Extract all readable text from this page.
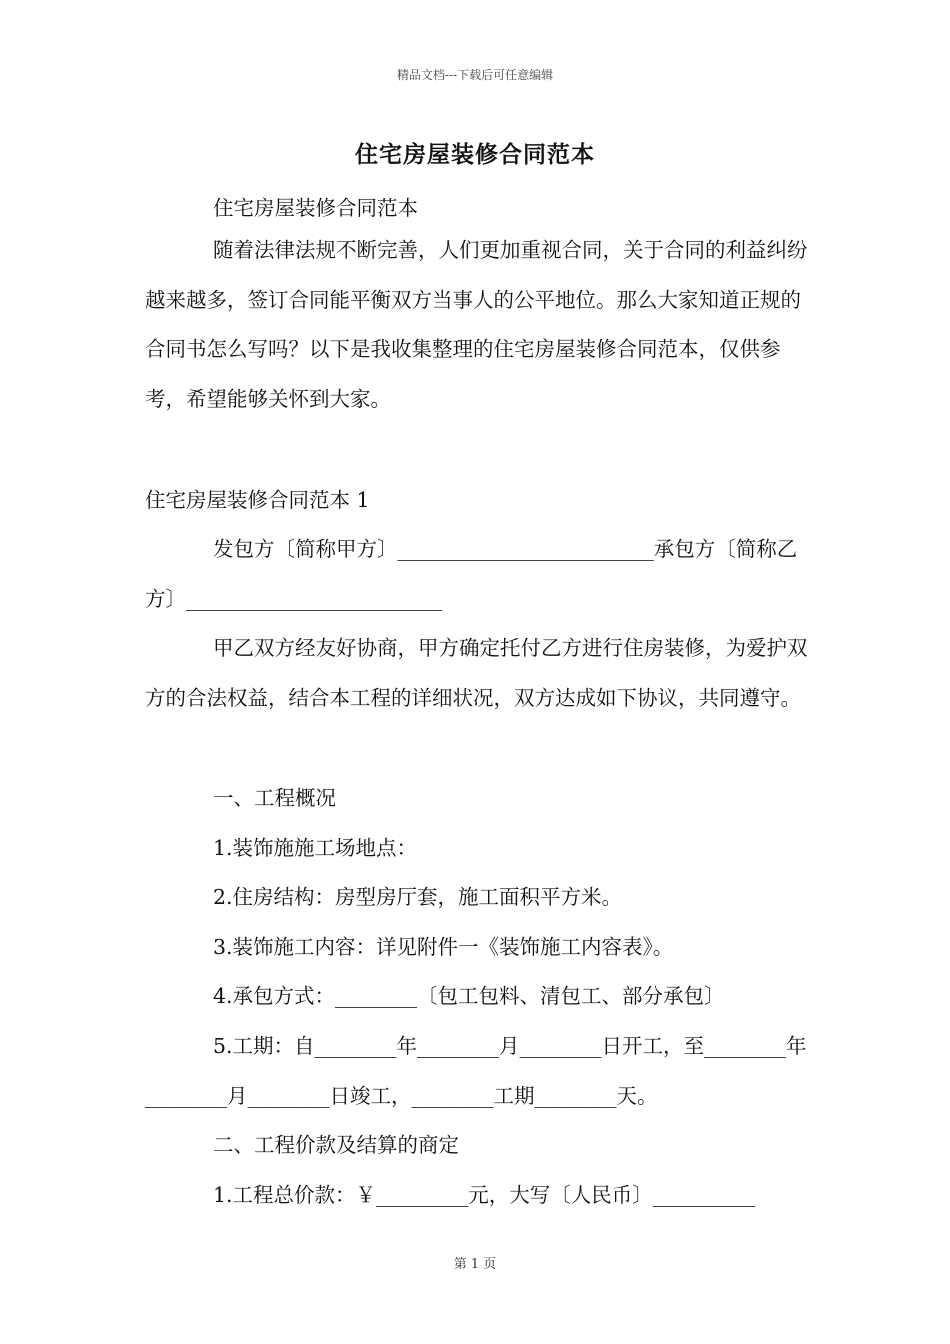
精品文档---下载后可任意编辑
住宅房屋装修合同范本

住宅房屋装修合同范本

随着法律法规不断完善，人们更加重视合同，关于合同的利益纠纷越来越多，签订合同能平衡双方当事人的公平地位。那么大家知道正规的合同书怎么写吗？以下是我收集整理的住宅房屋装修合同范本，仅供参考，希望能够关怀到大家。

住宅房屋装修合同范本 1

发包方〔简称甲方〕_________________________承包方〔简称乙方〕_________________________

甲乙双方经友好协商，甲方确定托付乙方进行住房装修，为爱护双方的合法权益，结合本工程的详细状况，双方达成如下协议，共同遵守。

一、工程概况

1.装饰施施工场地点：

2.住房结构：房型房厅套，施工面积平方米。

3.装饰施工内容：详见附件一《装饰施工内容表》。

4.承包方式：________〔包工包料、清包工、部分承包〕

5.工期：自________年________月________日开工，至________年________月________日竣工，________工期________天。

二、工程价款及结算的商定

1.工程总价款：￥_________元，大写〔人民币〕__________

第 1 页
